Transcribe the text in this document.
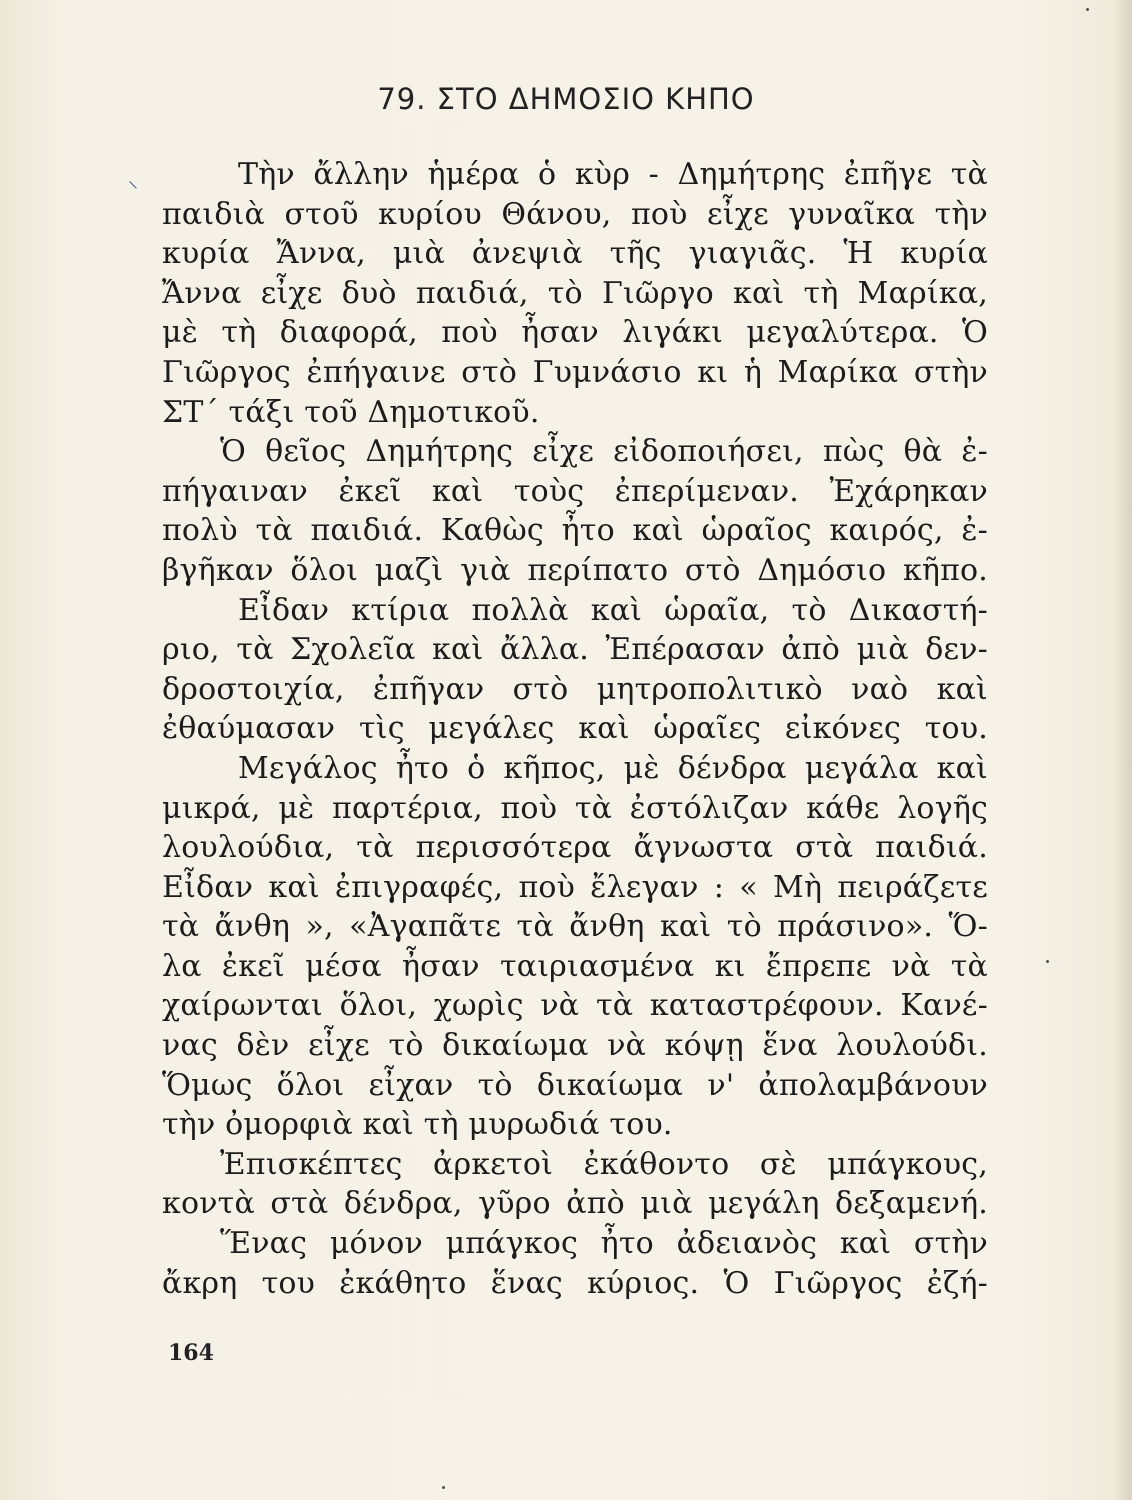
79. ΣΤΟ ΔΗΜΟΣΙΟ ΚΗΠΟ
⸜	Τὴν ἄλλην ἡμέρα ὁ κὺρ - Δημήτρης ἐπῆγε τὰ
παιδιὰ στοῦ κυρίου Θάνου, ποὺ εἶχε γυναῖκα τὴν
κυρία Ἄννα, μιὰ ἀνεψιὰ τῆς γιαγιᾶς. Ἡ κυρία
Ἄννα εἶχε δυὸ παιδιά, τὸ Γιῶργο καὶ τὴ Μαρίκα,
μὲ τὴ διαφορά, ποὺ ἦσαν λιγάκι μεγαλύτερα. Ὁ
Γιῶργος ἐπήγαινε στὸ Γυμνάσιο κι ἡ Μαρίκα στὴν
ΣΤ΄ τάξι τοῦ Δημοτικοῦ.
Ὁ θεῖος Δημήτρης εἶχε εἰδοποιήσει, πὼς θὰ ἐ-
πήγαιναν ἐκεῖ καὶ τοὺς ἐπερίμεναν. Ἐχάρηκαν
πολὺ τὰ παιδιά. Καθὼς ἦτο καὶ ὡραῖος καιρός, ἐ-
βγῆκαν ὅλοι μαζὶ γιὰ περίπατο στὸ Δημόσιο κῆπο.
Εἶδαν κτίρια πολλὰ καὶ ὡραῖα, τὸ Δικαστή-
ριο, τὰ Σχολεῖα καὶ ἄλλα. Ἐπέρασαν ἀπὸ μιὰ δεν-
δροστοιχία, ἐπῆγαν στὸ μητροπολιτικὸ ναὸ καὶ
ἐθαύμασαν τὶς μεγάλες καὶ ὡραῖες εἰκόνες του.
Μεγάλος ἦτο ὁ κῆπος, μὲ δένδρα μεγάλα καὶ
μικρά, μὲ παρτέρια, ποὺ τὰ ἐστόλιζαν κάθε λογῆς
λουλούδια, τὰ περισσότερα ἄγνωστα στὰ παιδιά.
Εἶδαν καὶ ἐπιγραφές, ποὺ ἔλεγαν : « Μὴ πειράζετε
τὰ ἄνθη », «Ἀγαπᾶτε τὰ ἄνθη καὶ τὸ πράσινο». Ὅ-
λα ἐκεῖ μέσα ἦσαν ταιριασμένα κι ἔπρεπε νὰ τὰ
χαίρωνται ὅλοι, χωρὶς νὰ τὰ καταστρέφουν. Κανέ-
νας δὲν εἶχε τὸ δικαίωμα νὰ κόψῃ ἕνα λουλούδι.
Ὅμως ὅλοι εἶχαν τὸ δικαίωμα ν' ἀπολαμβάνουν
τὴν ὀμορφιὰ καὶ τὴ μυρωδιά του.
Ἐπισκέπτες ἀρκετοὶ ἐκάθοντο σὲ μπάγκους,
κοντὰ στὰ δένδρα, γῦρο ἀπὸ μιὰ μεγάλη δεξαμενή.
Ἕνας μόνον μπάγκος ἦτο ἀδειανὸς καὶ στὴν
ἄκρη του ἐκάθητο ἕνας κύριος. Ὁ Γιῶργος ἐζή-
164
